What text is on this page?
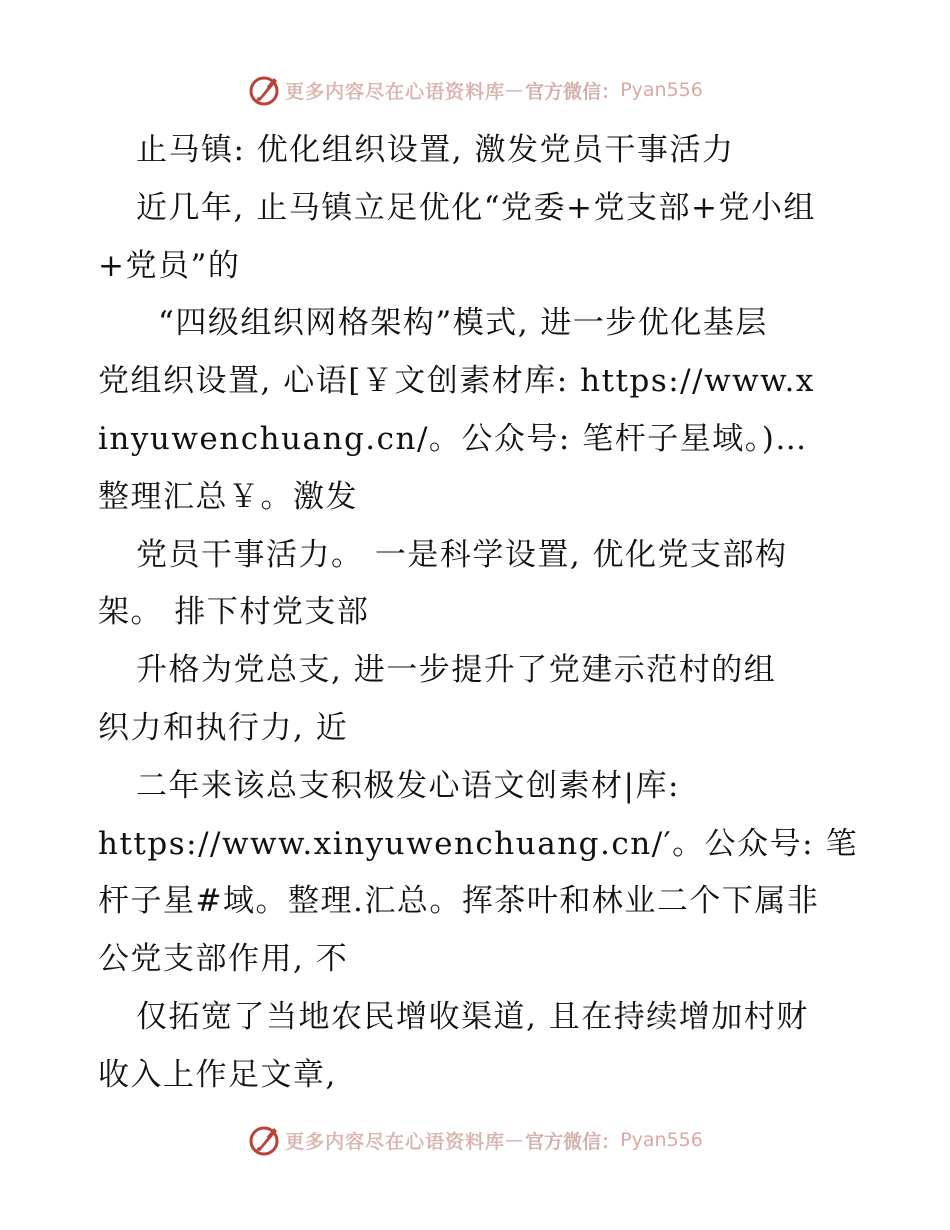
更多内容尽在心语资料库 — 官方微信： Pyan556
止马镇: 优化组织设置, 激发党员干事活力
近几年, 止马镇立足优化“党委+党支部+党小组
+党员”的
“四级组织网格架构”模式, 进一步优化基层
党组织设置, 心语[￥文创素材库: https://www.x
inyuwenchuang.cn/。公众号: 笔杆子星域。)…
整理汇总￥。激发
党员干事活力。 一是科学设置, 优化党支部构
架。 排下村党支部
升格为党总支, 进一步提升了党建示范村的组
织力和执行力, 近
二年来该总支积极发心语文创素材|库:
https://www.xinyuwenchuang.cn/′。公众号: 笔
杆子星#域。整理.汇总。挥茶叶和林业二个下属非
公党支部作用, 不
仅拓宽了当地农民增收渠道, 且在持续增加村财
收入上作足文章,
更多内容尽在心语资料库 — 官方微信： Pyan556
